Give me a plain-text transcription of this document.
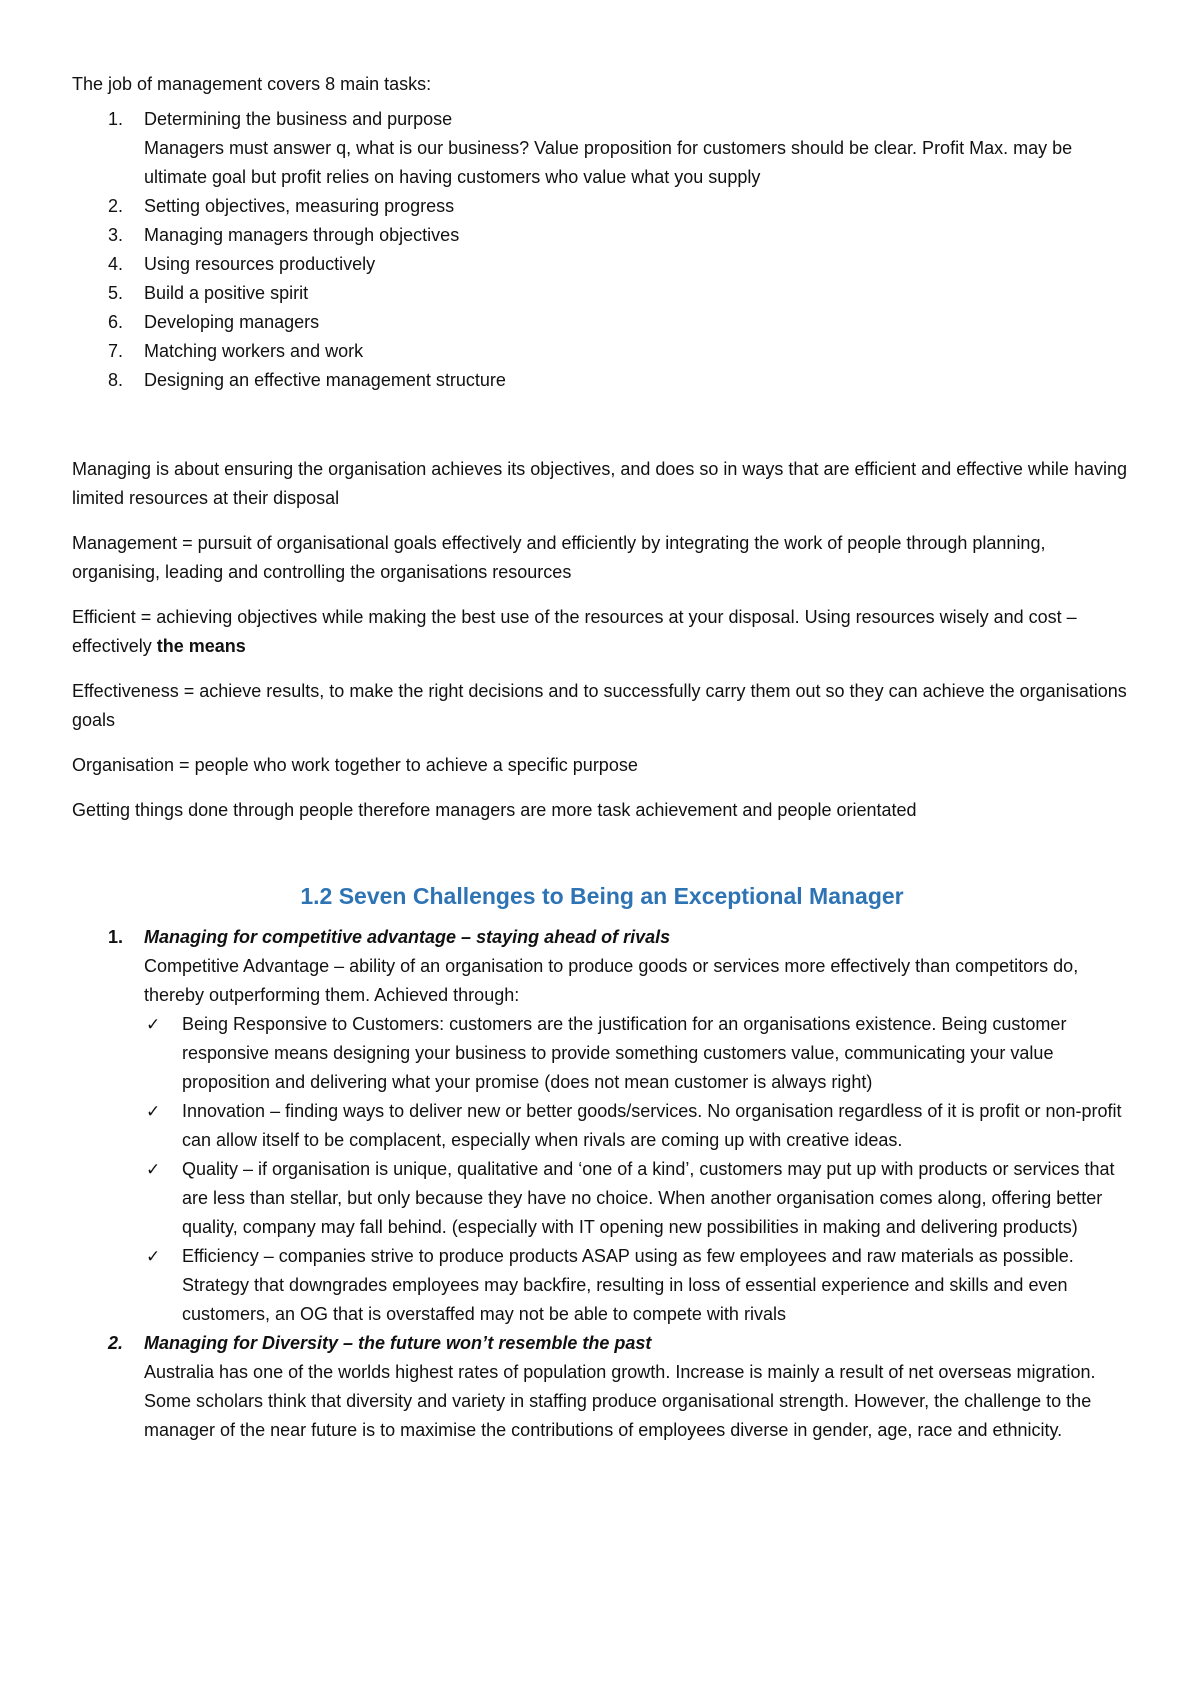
The job of management covers 8 main tasks:

1.	Determining the business and purpose
Managers must answer q, what is our business? Value proposition for customers should be clear. Profit Max. may be ultimate goal but profit relies on having customers who value what you supply
2.	Setting objectives, measuring progress
3.	Managing managers through objectives
4.	Using resources productively
5.	Build a positive spirit
6.	Developing managers
7.	Matching workers and work
8.	Designing an effective management structure

Managing is about ensuring the organisation achieves its objectives, and does so in ways that are efficient and effective while having limited resources at their disposal

Management = pursuit of organisational goals effectively and efficiently by integrating the work of people through planning, organising, leading and controlling the organisations resources

Efficient = achieving objectives while making the best use of the resources at your disposal. Using resources wisely and cost – effectively the means

Effectiveness = achieve results, to make the right decisions and to successfully carry them out so they can achieve the organisations goals

Organisation = people who work together to achieve a specific purpose

Getting things done through people therefore managers are more task achievement and people orientated

1.2 Seven Challenges to Being an Exceptional Manager
1.	Managing for competitive advantage – staying ahead of rivals
Competitive Advantage – ability of an organisation to produce goods or services more effectively than competitors do, thereby outperforming them. Achieved through:
✓ Being Responsive to Customers: customers are the justification for an organisations existence. Being customer responsive means designing your business to provide something customers value, communicating your value proposition and delivering what your promise (does not mean customer is always right)
✓ Innovation – finding ways to deliver new or better goods/services. No organisation regardless of it is profit or non-profit can allow itself to be complacent, especially when rivals are coming up with creative ideas.
✓ Quality – if organisation is unique, qualitative and ‘one of a kind’, customers may put up with products or services that are less than stellar, but only because they have no choice. When another organisation comes along, offering better quality, company may fall behind. (especially with IT opening new possibilities in making and delivering products)
✓ Efficiency – companies strive to produce products ASAP using as few employees and raw materials as possible. Strategy that downgrades employees may backfire, resulting in loss of essential experience and skills and even customers, an OG that is overstaffed may not be able to compete with rivals
2.	Managing for Diversity – the future won’t resemble the past
Australia has one of the worlds highest rates of population growth. Increase is mainly a result of net overseas migration. Some scholars think that diversity and variety in staffing produce organisational strength. However, the challenge to the manager of the near future is to maximise the contributions of employees diverse in gender, age, race and ethnicity.
